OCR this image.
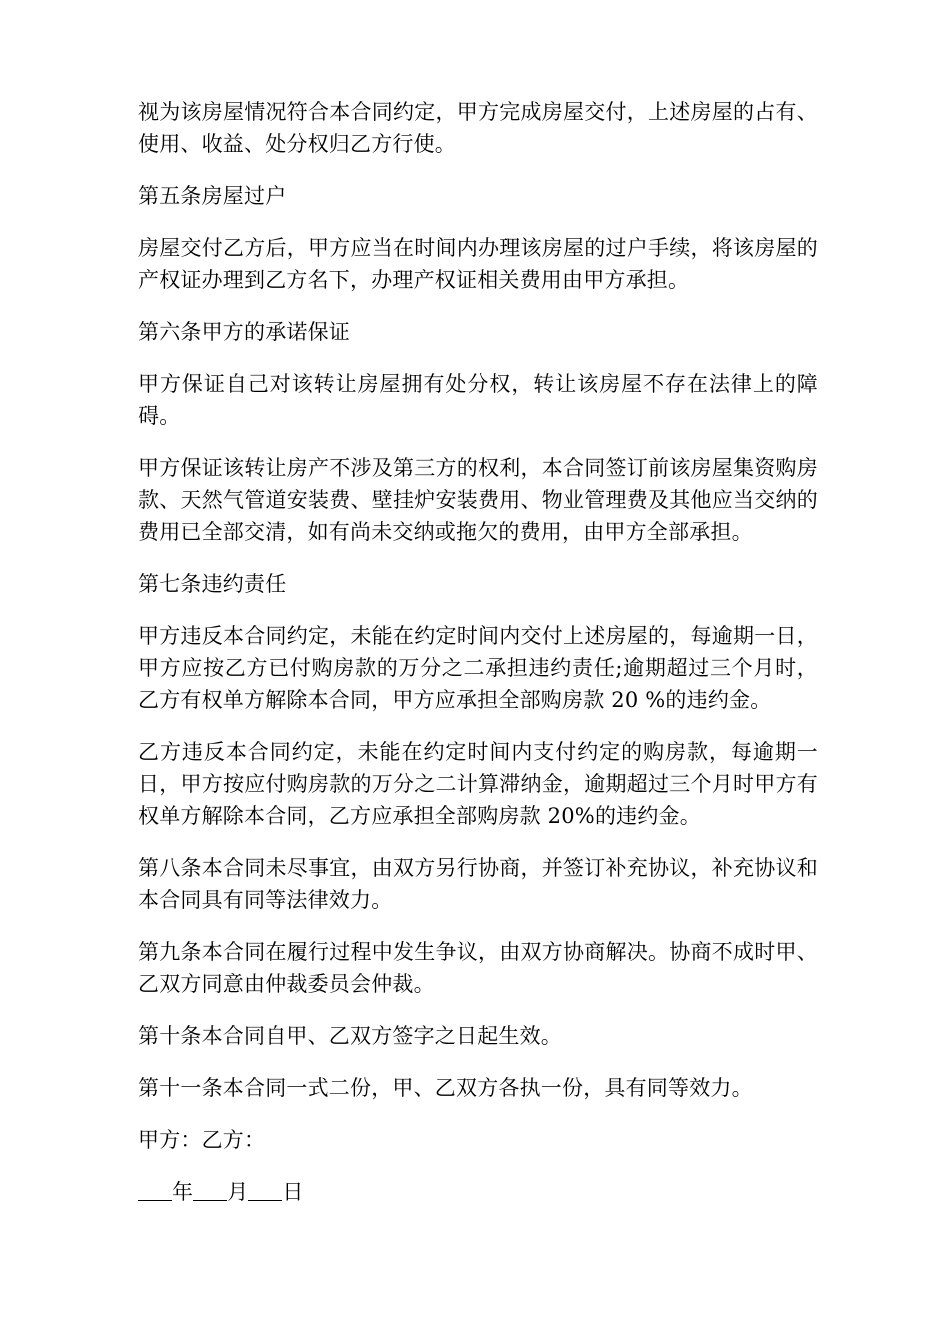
视为该房屋情况符合本合同约定，甲方完成房屋交付，上述房屋的占有、使用、收益、处分权归乙方行使。

第五条房屋过户

房屋交付乙方后，甲方应当在时间内办理该房屋的过户手续，将该房屋的产权证办理到乙方名下，办理产权证相关费用由甲方承担。

第六条甲方的承诺保证

甲方保证自己对该转让房屋拥有处分权，转让该房屋不存在法律上的障碍。

甲方保证该转让房产不涉及第三方的权利，本合同签订前该房屋集资购房款、天然气管道安装费、壁挂炉安装费用、物业管理费及其他应当交纳的费用已全部交清，如有尚未交纳或拖欠的费用，由甲方全部承担。

第七条违约责任

甲方违反本合同约定，未能在约定时间内交付上述房屋的，每逾期一日，甲方应按乙方已付购房款的万分之二承担违约责任;逾期超过三个月时，乙方有权单方解除本合同，甲方应承担全部购房款 20 %的违约金。

乙方违反本合同约定，未能在约定时间内支付约定的购房款，每逾期一日，甲方按应付购房款的万分之二计算滞纳金，逾期超过三个月时甲方有权单方解除本合同，乙方应承担全部购房款 20%的违约金。

第八条本合同未尽事宜，由双方另行协商，并签订补充协议，补充协议和本合同具有同等法律效力。

第九条本合同在履行过程中发生争议，由双方协商解决。协商不成时甲、乙双方同意由仲裁委员会仲裁。

第十条本合同自甲、乙双方签字之日起生效。

第十一条本合同一式二份，甲、乙双方各执一份，具有同等效力。

甲方：乙方：

年 月 日
